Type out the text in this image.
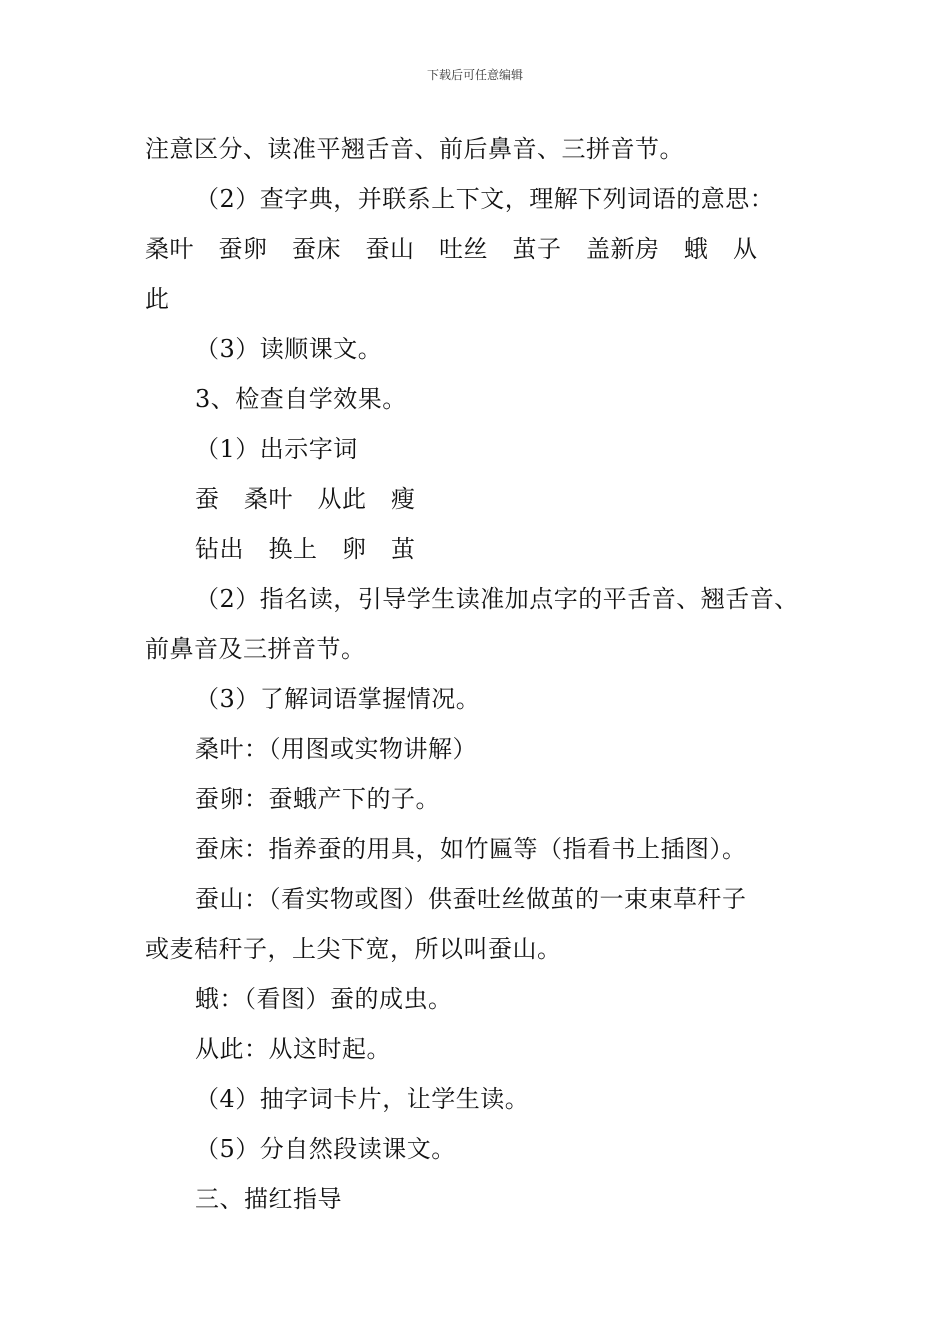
下载后可任意编辑
注意区分、读准平翘舌音、前后鼻音、三拼音节。
（2）查字典，并联系上下文，理解下列词语的意思：
桑叶　蚕卵　蚕床　蚕山　吐丝　茧子　盖新房　蛾　从
此
（3）读顺课文。
3、检查自学效果。
（1）出示字词
蚕　桑叶　从此　瘦
钻出　换上　卵　茧
（2）指名读，引导学生读准加点字的平舌音、翘舌音、
前鼻音及三拼音节。
（3）了解词语掌握情况。
桑叶：（用图或实物讲解）
蚕卵：蚕蛾产下的子。
蚕床：指养蚕的用具，如竹匾等（指看书上插图）。
蚕山：（看实物或图）供蚕吐丝做茧的一束束草秆子
或麦秸秆子，上尖下宽，所以叫蚕山。
蛾：（看图）蚕的成虫。
从此：从这时起。
（4）抽字词卡片，让学生读。
（5）分自然段读课文。
三、描红指导
